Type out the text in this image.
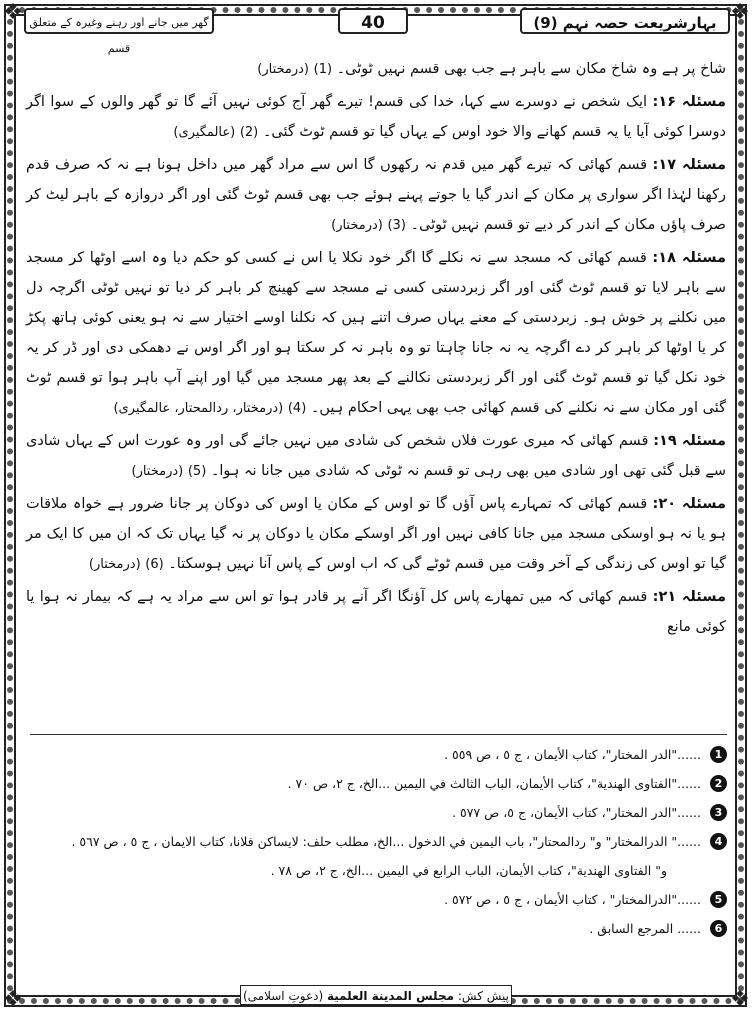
❖	❖
❖	❖
گھر میں جانے اور رہنے وغیرہ کے متعلق قسم
40	بہارِشریعت حصہ نہم (9)

شاخ پر ہے وہ شاخ مکان سے باہر ہے جب بھی قسم نہیں ٹوٹی۔ (1) (درمختار)

مسئلہ ۱۶: ایک شخص نے دوسرے سے کہا، خدا کی قسم! تیرے گھر آج کوئی نہیں آئے گا تو گھر والوں کے سوا اگر دوسرا کوئی آیا یا یہ قسم کھانے والا خود اوس کے یہاں گیا تو قسم ٹوٹ گئی۔ (2) (عالمگیری)

مسئلہ ۱۷: قسم کھائی کہ تیرے گھر میں قدم نہ رکھوں گا اس سے مراد گھر میں داخل ہونا ہے نہ کہ صرف قدم رکھنا لہٰذا اگر سواری پر مکان کے اندر گیا یا جوتے پہنے ہوئے جب بھی قسم ٹوٹ گئی اور اگر دروازہ کے باہر لیٹ کر صرف پاؤں مکان کے اندر کر دیے تو قسم نہیں ٹوٹی۔ (3) (درمختار)

مسئلہ ۱۸: قسم کھائی کہ مسجد سے نہ نکلے گا اگر خود نکلا یا اس نے کسی کو حکم دیا وہ اسے اوٹھا کر مسجد سے باہر لایا تو قسم ٹوٹ گئی اور اگر زبردستی کسی نے مسجد سے کھینچ کر باہر کر دیا تو نہیں ٹوٹی اگرچہ دل میں نکلنے پر خوش ہو۔ زبردستی کے معنے یہاں صرف اتنے ہیں کہ نکلنا اوسے اختیار سے نہ ہو یعنی کوئی ہاتھ پکڑ کر یا اوٹھا کر باہر کر دے اگرچہ یہ نہ جانا چاہتا تو وہ باہر نہ کر سکتا ہو اور اگر اوس نے دھمکی دی اور ڈر کر یہ خود نکل گیا تو قسم ٹوٹ گئی اور اگر زبردستی نکالنے کے بعد پھر مسجد میں گیا اور اپنے آپ باہر ہوا تو قسم ٹوٹ گئی اور مکان سے نہ نکلنے کی قسم کھائی جب بھی یہی احکام ہیں۔ (4) (درمختار، ردالمحتار، عالمگیری)

مسئلہ ۱۹: قسم کھائی کہ میری عورت فلاں شخص کی شادی میں نہیں جائے گی اور وہ عورت اس کے یہاں شادی سے قبل گئی تھی اور شادی میں بھی رہی تو قسم نہ ٹوٹی کہ شادی میں جانا نہ ہوا۔ (5) (درمختار)

مسئلہ ۲۰: قسم کھائی کہ تمہارے پاس آؤں گا تو اوس کے مکان یا اوس کی دوکان پر جانا ضرور ہے خواہ ملاقات ہو یا نہ ہو اوسکی مسجد میں جانا کافی نہیں اور اگر اوسکے مکان یا دوکان پر نہ گیا یہاں تک کہ ان میں کا ایک مر گیا تو اوس کی زندگی کے آخر وقت میں قسم ٹوٹے گی کہ اب اوس کے پاس آنا نہیں ہوسکتا۔ (6) (درمختار)

مسئلہ ۲۱: قسم کھائی کہ میں تمھارے پاس کل آؤنگا اگر آنے پر قادر ہوا تو اس سے مراد یہ ہے کہ بیمار نہ ہوا یا کوئی مانع

1
......"الدر المختار"، كتاب الأيمان ، ج ٥ ، ص ٥٥٩ .
2
......"الفتاوى الهندية"، كتاب الأيمان، الباب الثالث في اليمين ...الخ، ج ٢، ص ٧٠ .
3
......"الدر المختار"، كتاب الأيمان، ج ٥، ص ٥٧٧ .
4
......" الدرالمختار" و" ردالمحتار"، باب اليمين في الدخول ...الخ، مطلب حلف: لايساكن فلانا، كتاب الايمان ، ج ٥ ، ص ٥٦٧ .
و" الفتاوى الهندية"، كتاب الأيمان، الباب الرابع في اليمين ...الخ، ج ٢، ص ٧٨ .
5
......"الدرالمختار" ، كتاب الأيمان ، ج ٥ ، ص ٥٧٢ .
6
...... المرجع السابق .
پیش کش: مجلس المدينة العلمية (دعوتِ اسلامی)
